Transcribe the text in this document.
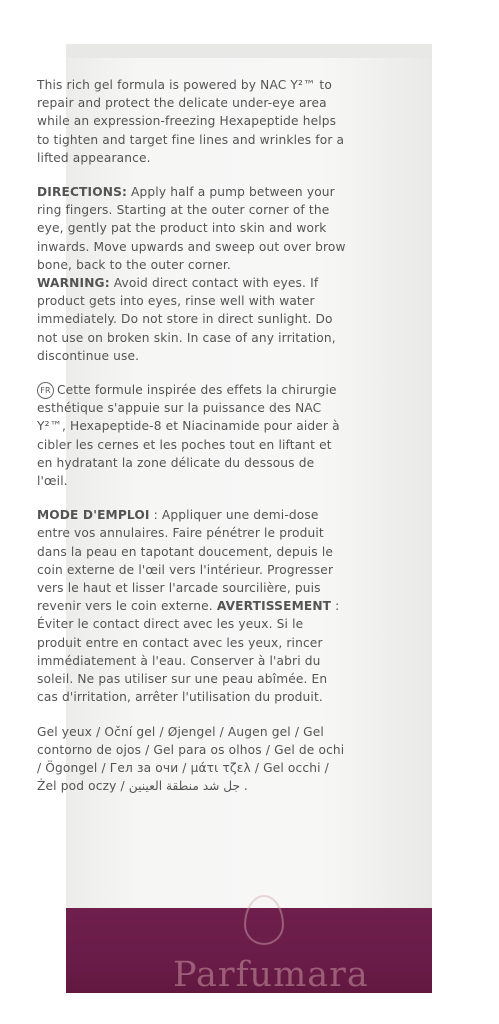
This rich gel formula is powered by NAC Y²™ to repair and protect the delicate under-eye area while an expression-freezing Hexapeptide helps to tighten and target fine lines and wrinkles for a lifted appearance.

DIRECTIONS: Apply half a pump between your ring fingers. Starting at the outer corner of the eye, gently pat the product into skin and work inwards. Move upwards and sweep out over brow bone, back to the outer corner.
WARNING: Avoid direct contact with eyes. If product gets into eyes, rinse well with water immediately. Do not store in direct sunlight. Do not use on broken skin. In case of any irritation, discontinue use.

FR Cette formule inspirée des effets la chirurgie esthétique s'appuie sur la puissance des NAC Y²™, Hexapeptide-8 et Niacinamide pour aider à cibler les cernes et les poches tout en liftant et en hydratant la zone délicate du dessous de l'œil.

MODE D'EMPLOI : Appliquer une demi-dose entre vos annulaires. Faire pénétrer le produit dans la peau en tapotant doucement, depuis le coin externe de l'œil vers l'intérieur. Progresser vers le haut et lisser l'arcade sourcilière, puis revenir vers le coin externe. AVERTISSEMENT : Éviter le contact direct avec les yeux. Si le produit entre en contact avec les yeux, rincer immédiatement à l'eau. Conserver à l'abri du soleil. Ne pas utiliser sur une peau abîmée. En cas d'irritation, arrêter l'utilisation du produit.

Gel yeux / Oční gel / Øjengel / Augen gel / Gel contorno de ojos / Gel para os olhos / Gel de ochi / Ögongel / Гел за очи / μάτι τζελ / Gel occhi / Żel pod oczy / جل شد منطقة العينين .

Parfumara
